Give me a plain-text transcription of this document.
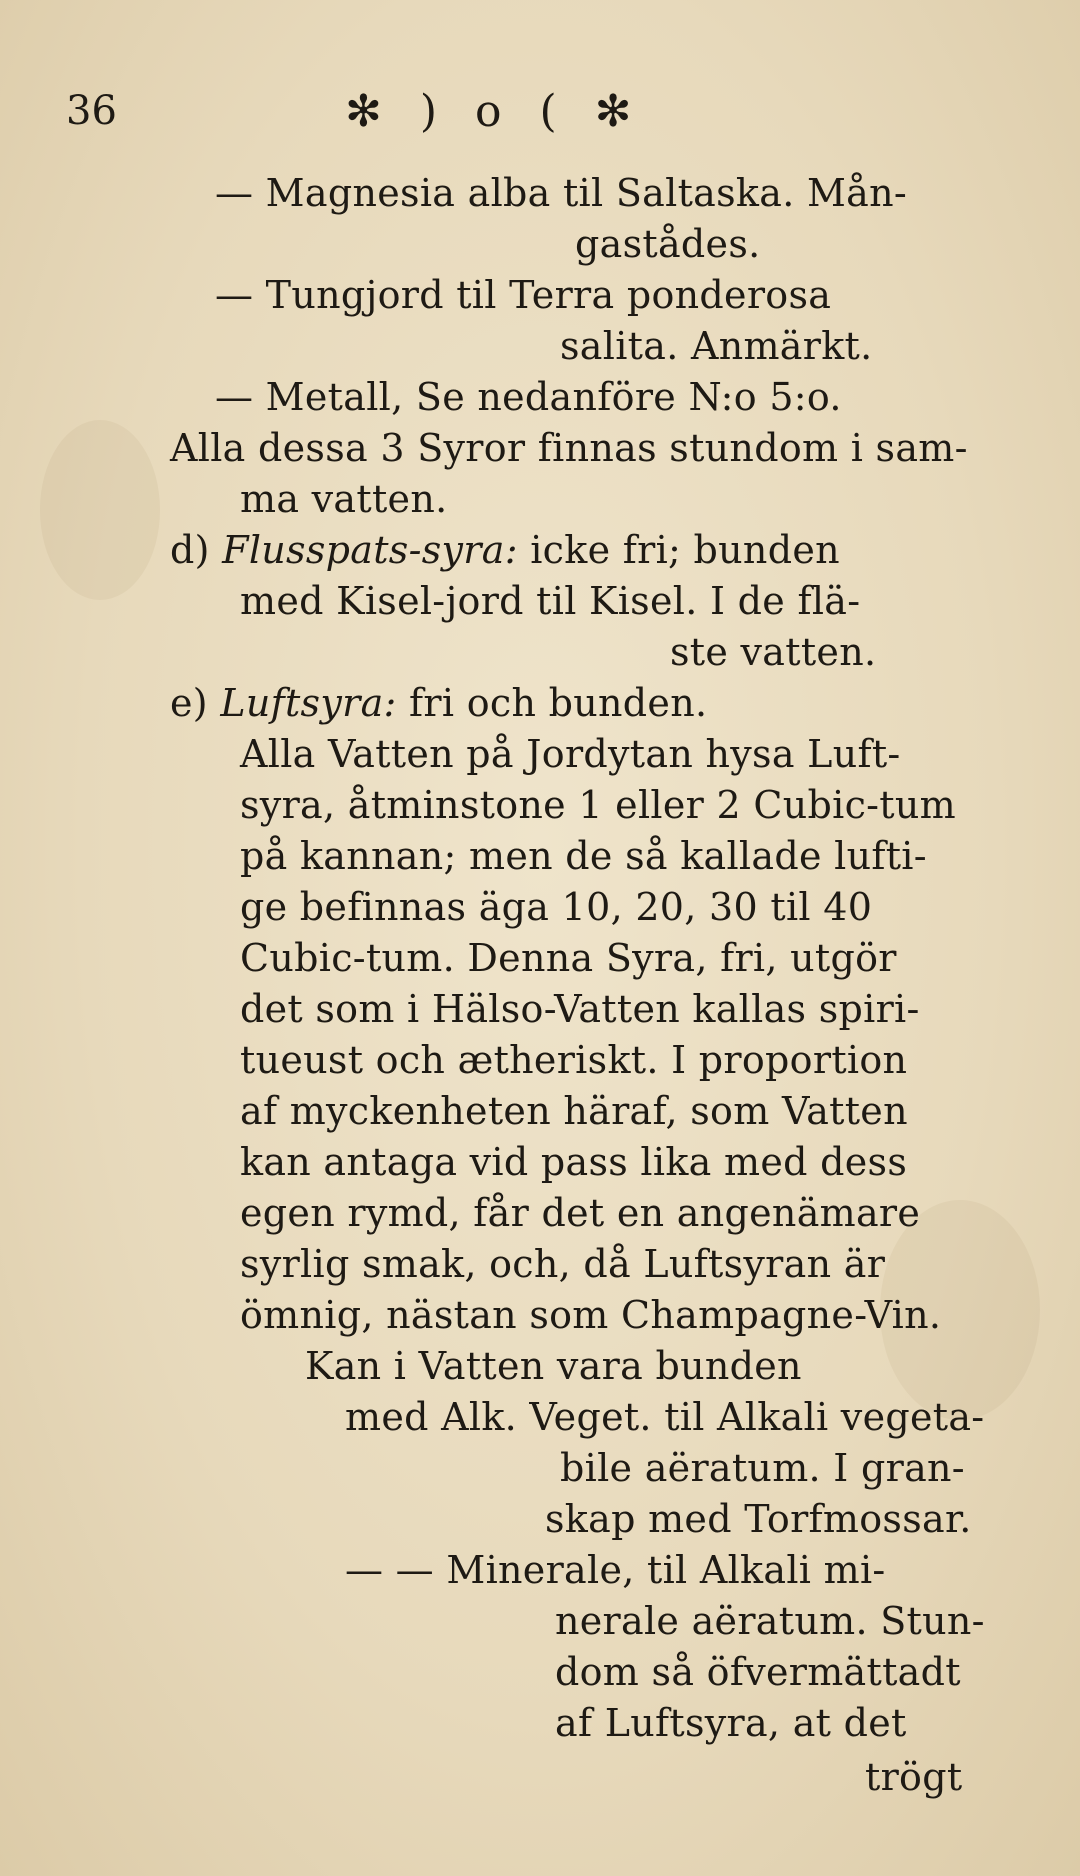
36	✻ ) o ( ✻
— Magnesia alba til Saltaska. Mån-
gastådes.
— Tungjord til Terra ponderosa
salita. Anmärkt.
— Metall, Se nedanföre N:o 5:o.
Alla dessa 3 Syror finnas stundom i sam-
ma vatten.
d) Flusspats-syra: icke fri; bunden
med Kisel-jord til Kisel. I de flä-
ste vatten.
e) Luftsyra: fri och bunden.
Alla Vatten på Jordytan hysa Luft-
syra, åtminstone 1 eller 2 Cubic-tum
på kannan; men de så kallade lufti-
ge befinnas äga 10, 20, 30 til 40
Cubic-tum. Denna Syra, fri, utgör
det som i Hälso-Vatten kallas spiri-
tueust och ætheriskt. I proportion
af myckenheten häraf, som Vatten
kan antaga vid pass lika med dess
egen rymd, får det en angenämare
syrlig smak, och, då Luftsyran är
ömnig, nästan som Champagne-Vin.
Kan i Vatten vara bunden
med Alk. Veget. til Alkali vegeta-
bile aëratum. I gran-
skap med Torfmossar.
— — Minerale, til Alkali mi-
nerale aëratum. Stun-
dom så öfvermättadt
af Luftsyra, at det
trögt
